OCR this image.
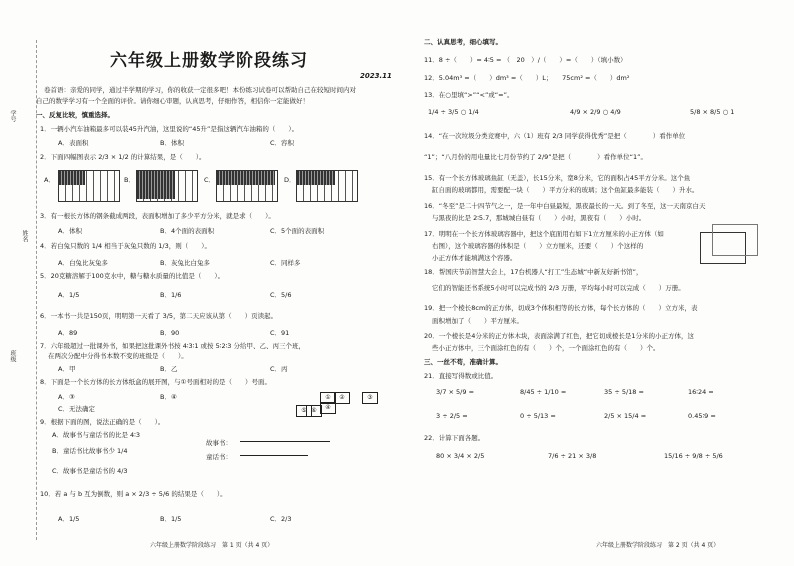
学号
姓名
班级
六年级上册数学阶段练习
2023.11
卷首语：亲爱的同学，通过半学期的学习，你的收获一定很多吧！本份练习试卷可以帮助自己在较短时间内对
自己的数学学习有一个全面的评价。请你细心审题，认真思考，仔细作答，相信你一定能做好！
一、反复比较，慎重选择。
1．一辆小汽车油箱最多可以装45升汽油，这里说的“45升”是指这辆汽车油箱的（　　）。
A．表面积	B．体积	C．容积
2．下面四幅图表示 2/3 × 1/2 的计算结果，是（　　）。
A．	B．	C．	D．
3．有一根长方体的钢条截成两段，表面积增加了多少平方分米，就是求（　　）。
A．体积	B．4个面的表面积	C．5个面的表面积
4．若白兔只数的 1/4 相当于灰兔只数的 1/3，则（　　）。
A．白兔比灰兔多	B．灰兔比白兔多	C．同样多
5．20克糖溶解于100克水中，糖与糖水质量的比值是（　　）。
A．1/5	B．1/6	C．5/6
6．一本书一共是150页，明明第一天看了 3/5，第二天应该从第（　　）页读起。
A．89	B．90	C．91
7．六年级超过一批课外书，如果把这批课外书按 4∶3∶1 或按 5∶2∶3 分给甲、乙、丙三个班，
在两次分配中分得书本数不变的班级是（　　）。
A．甲	B．乙	C．丙
8．下面是一个长方体的长方体纸盒的展开图，与①号面相对的是（　　）号面。
A．③	B．④
C．无法确定
①	②	③
④
⑤ ⑥
9．根据下面的图，说法正确的是（　　）。
A．故事书与童话书的比是 4∶3
B．童话书比故事书少 1/4
C．故事书是童话书的 4/3
故事书：
童话书：
10．若 a 与 b 互为倒数，则 a × 2/3 ÷ 5/6 的结果是（　　）。
A．1/5	B．1/5	C．2/3
六年级上册数学阶段练习　第 1 页（共 4 页）
二、认真思考，细心填写。
11．8 ÷（　　）= 4∶5 = （　20　）/（　　）=（　　）（填小数）
12．5.04m³ =（　　）dm³ =（　　）L；　　75cm² =（　　）dm²
13．在○里填“>”“<”或“=”。
1/4 ÷ 3/5 ○ 1/4	4/9 × 2/9 ○ 4/9	5/8 × 8/5 ○ 1
14．“在一次垃圾分类竞赛中，六（1）班有 2/3 同学获得优秀”是把（　　　　）看作单位
“1”；“八月份的用电量比七月份节约了 2/9”是把（　　　　）看作单位“1”。
15．有一个长方体玻璃鱼缸（无盖），长15分米，宽8分米，它的面积占45平方分米。这个鱼
缸自面的玻璃都用，需要配一块（　　）平方分米的玻璃；这个鱼缸最多能装（　　）升水。
16．“冬至”是二十四节气之一，是一年中白昼最短，黑夜最长的一天。到了冬至，这一天南京白天
与黑夜的比是 2∶5.7，那城城白昼有（　　）小时，黑夜有（　　）小时。
17．明明在一个长方体玻璃容器中，把这个底面用右如下1立方厘米的小正方体（如
右图），这个玻璃容器的体积是（　　）立方厘米，还要（　　）个这样的
小正方体才能填满这个容器。
18．帮国庆节前智慧大会上，17台机器人“打工”生态城“中新友好新书馆”，
它们的智能还书系统5小时可以完成书的 2/3 万册，平均每小时可以完成（　　）万册。
19．把一个棱长8cm的正方体，切成3个体积相等的长方体，每个长方体的（　　）立方米，表
面积增加了（　　）平方厘米。
20．一个棱长是4分米的正方体木块，表面涂满了红色，把它切成棱长是1分米的小正方体，这
些小正方体中，三个面涂红色的有（　　）个，一个面涂红色的有（　　）个。
三、一丝不苟，准确计算。
21．直接写得数或比值。
3/7 × 5/9 =	8/45 ÷ 1/10 =	35 ÷ 5/18 =	16∶24 =
3 ÷ 2/5 =	0 ÷ 5/13 =	2/5 × 15/4 =	0.45∶9 =
22．计算下面各题。
80 × 3/4 × 2/5	7/6 ÷ 21 × 3/8	15/16 ÷ 9/8 ÷ 5/6
六年级上册数学阶段练习　第 2 页（共 4 页）
